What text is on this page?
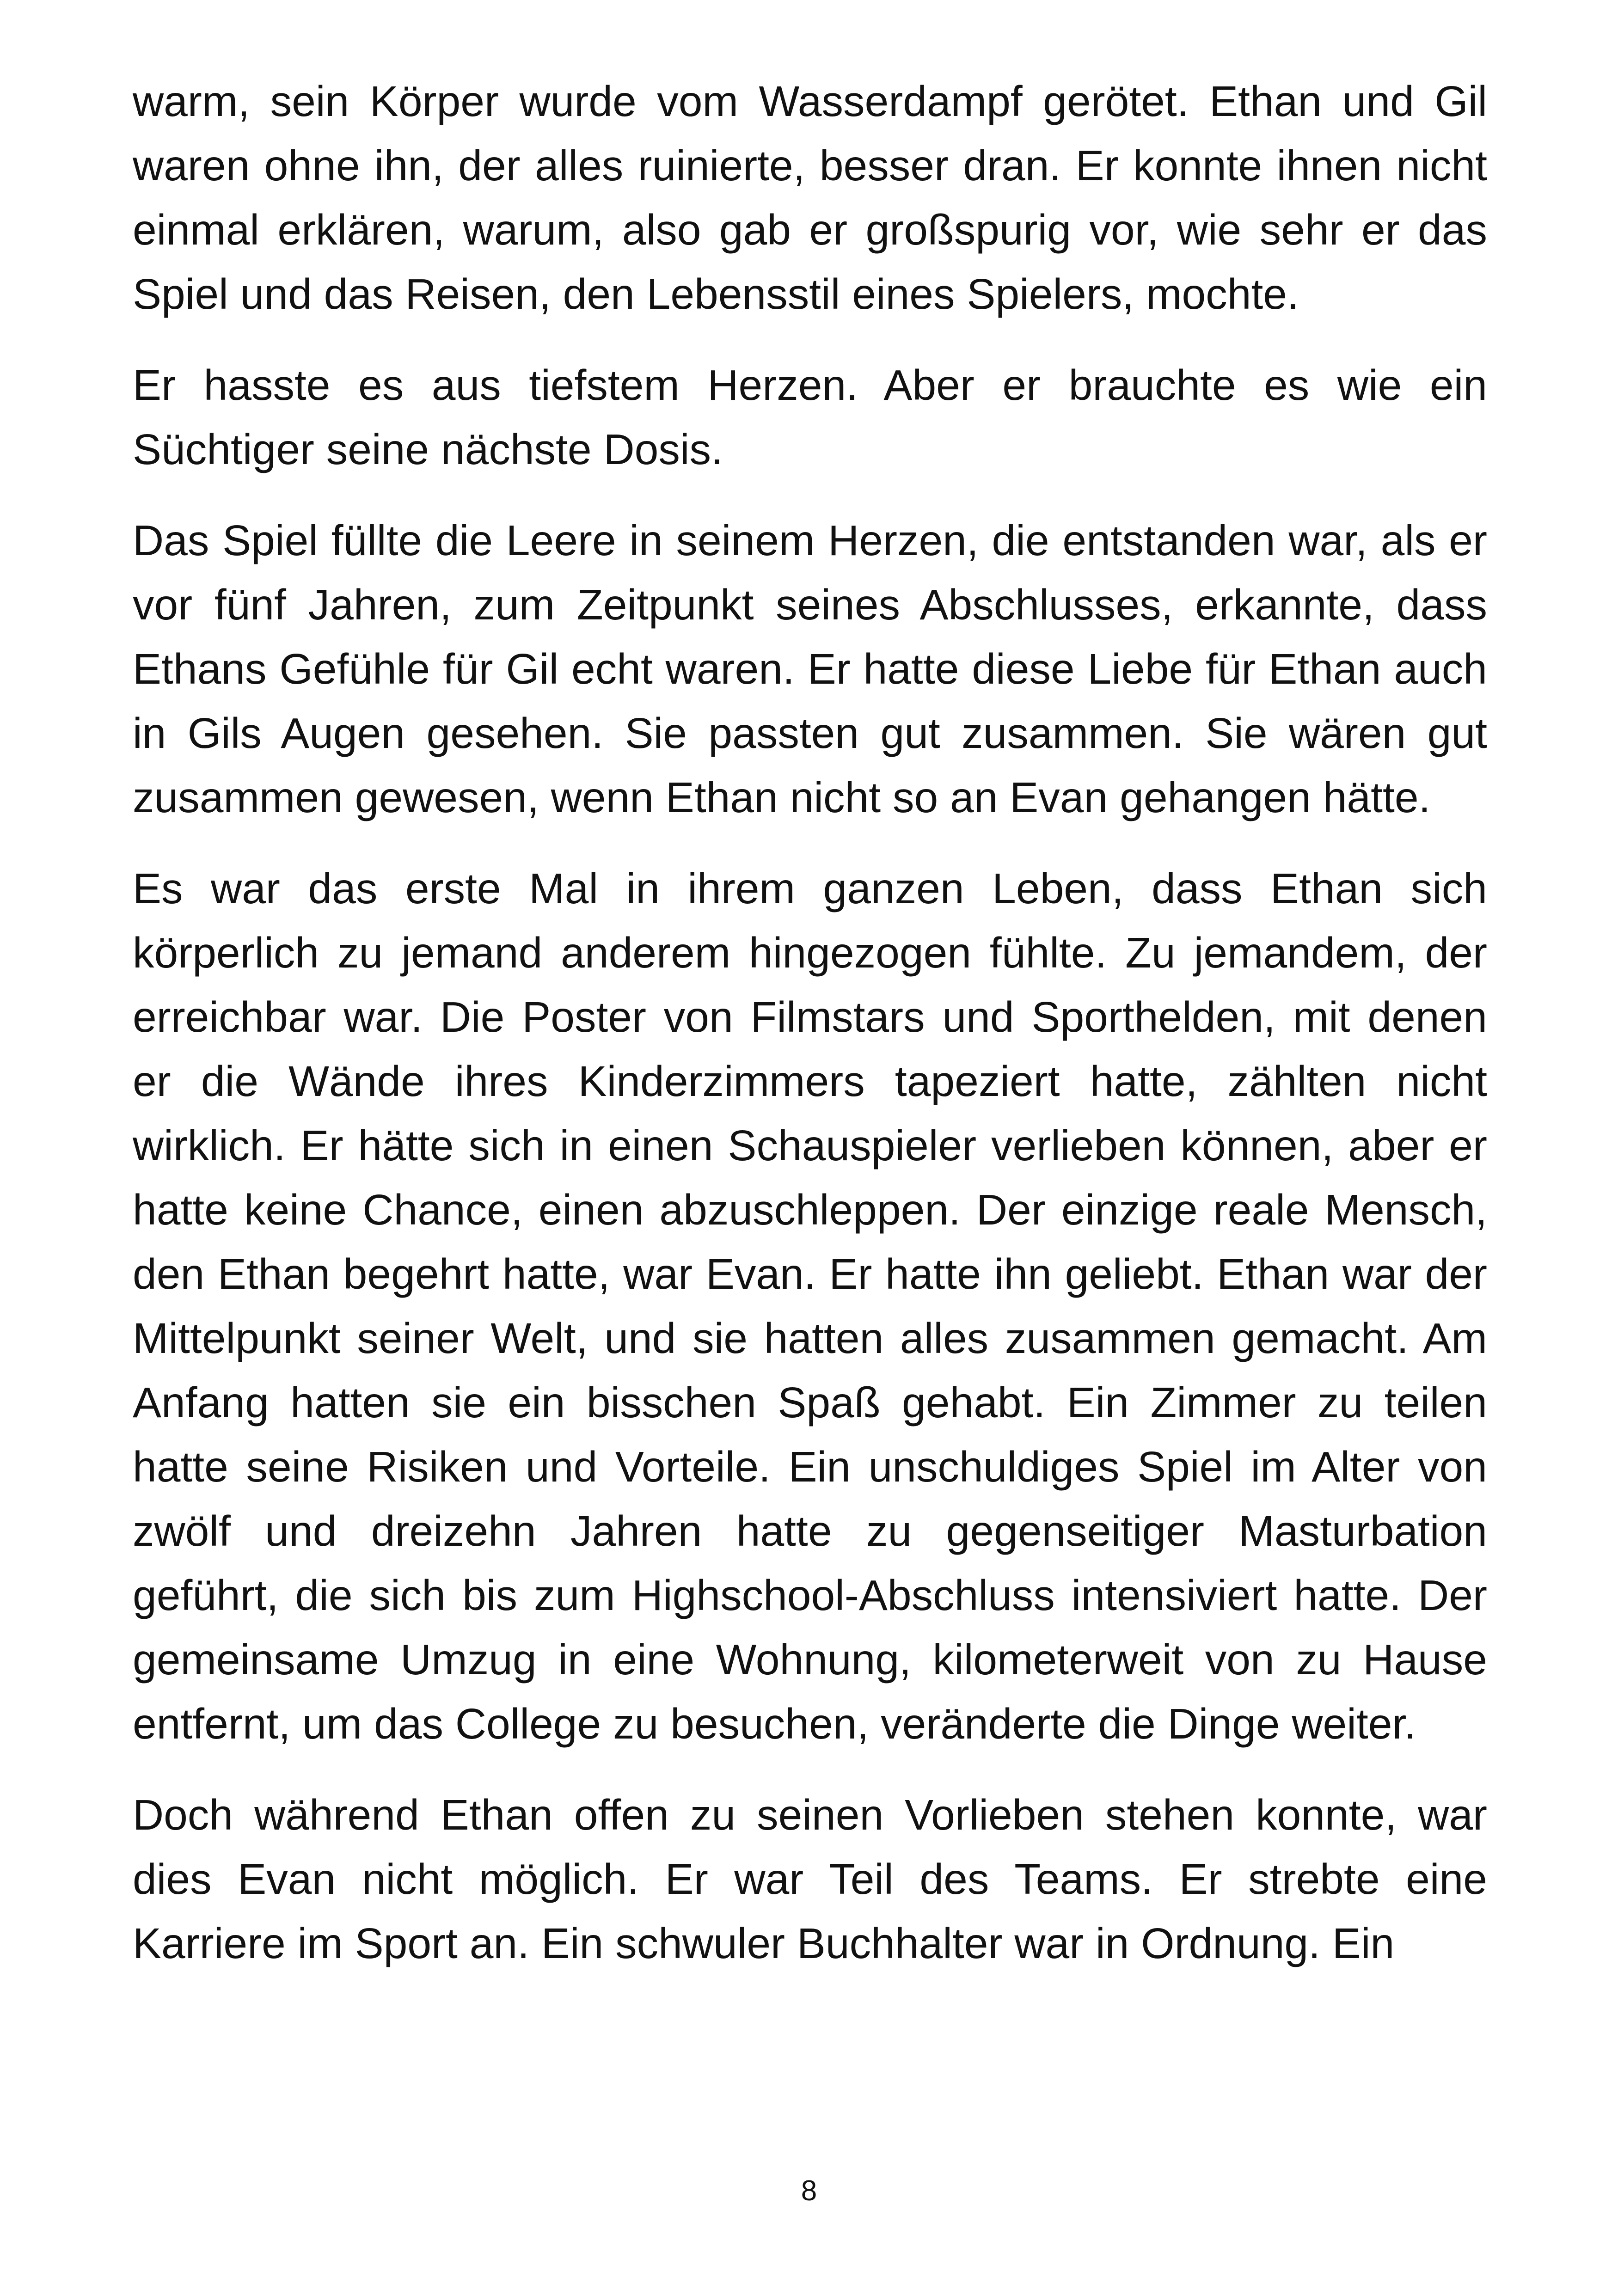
warm, sein Körper wurde vom Wasserdampf gerötet. Ethan und Gil waren ohne ihn, der alles ruinierte, besser dran. Er konnte ihnen nicht einmal erklären, warum, also gab er großspurig vor, wie sehr er das Spiel und das Reisen, den Lebensstil eines Spielers, mochte.

Er hasste es aus tiefstem Herzen. Aber er brauchte es wie ein Süchtiger seine nächste Dosis.

Das Spiel füllte die Leere in seinem Herzen, die entstanden war, als er vor fünf Jahren, zum Zeitpunkt seines Abschlusses, erkannte, dass Ethans Gefühle für Gil echt waren. Er hatte diese Liebe für Ethan auch in Gils Augen gesehen. Sie passten gut zusammen. Sie wären gut zusammen gewesen, wenn Ethan nicht so an Evan gehangen hätte.

Es war das erste Mal in ihrem ganzen Leben, dass Ethan sich körperlich zu jemand anderem hingezogen fühlte. Zu jemandem, der erreichbar war. Die Poster von Filmstars und Sporthelden, mit denen er die Wände ihres Kinderzimmers tapeziert hatte, zählten nicht wirklich. Er hätte sich in einen Schauspieler verlieben können, aber er hatte keine Chance, einen abzuschleppen. Der einzige reale Mensch, den Ethan begehrt hatte, war Evan. Er hatte ihn geliebt. Ethan war der Mittelpunkt seiner Welt, und sie hatten alles zusammen gemacht. Am Anfang hatten sie ein bisschen Spaß gehabt. Ein Zimmer zu teilen hatte seine Risiken und Vorteile. Ein unschuldiges Spiel im Alter von zwölf und dreizehn Jahren hatte zu gegenseitiger Masturbation geführt, die sich bis zum Highschool-Abschluss intensiviert hatte. Der gemeinsame Umzug in eine Wohnung, kilometerweit von zu Hause entfernt, um das College zu besuchen, veränderte die Dinge weiter.

Doch während Ethan offen zu seinen Vorlieben stehen konnte, war dies Evan nicht möglich. Er war Teil des Teams. Er strebte eine Karriere im Sport an. Ein schwuler Buchhalter war in Ordnung. Ein

8
